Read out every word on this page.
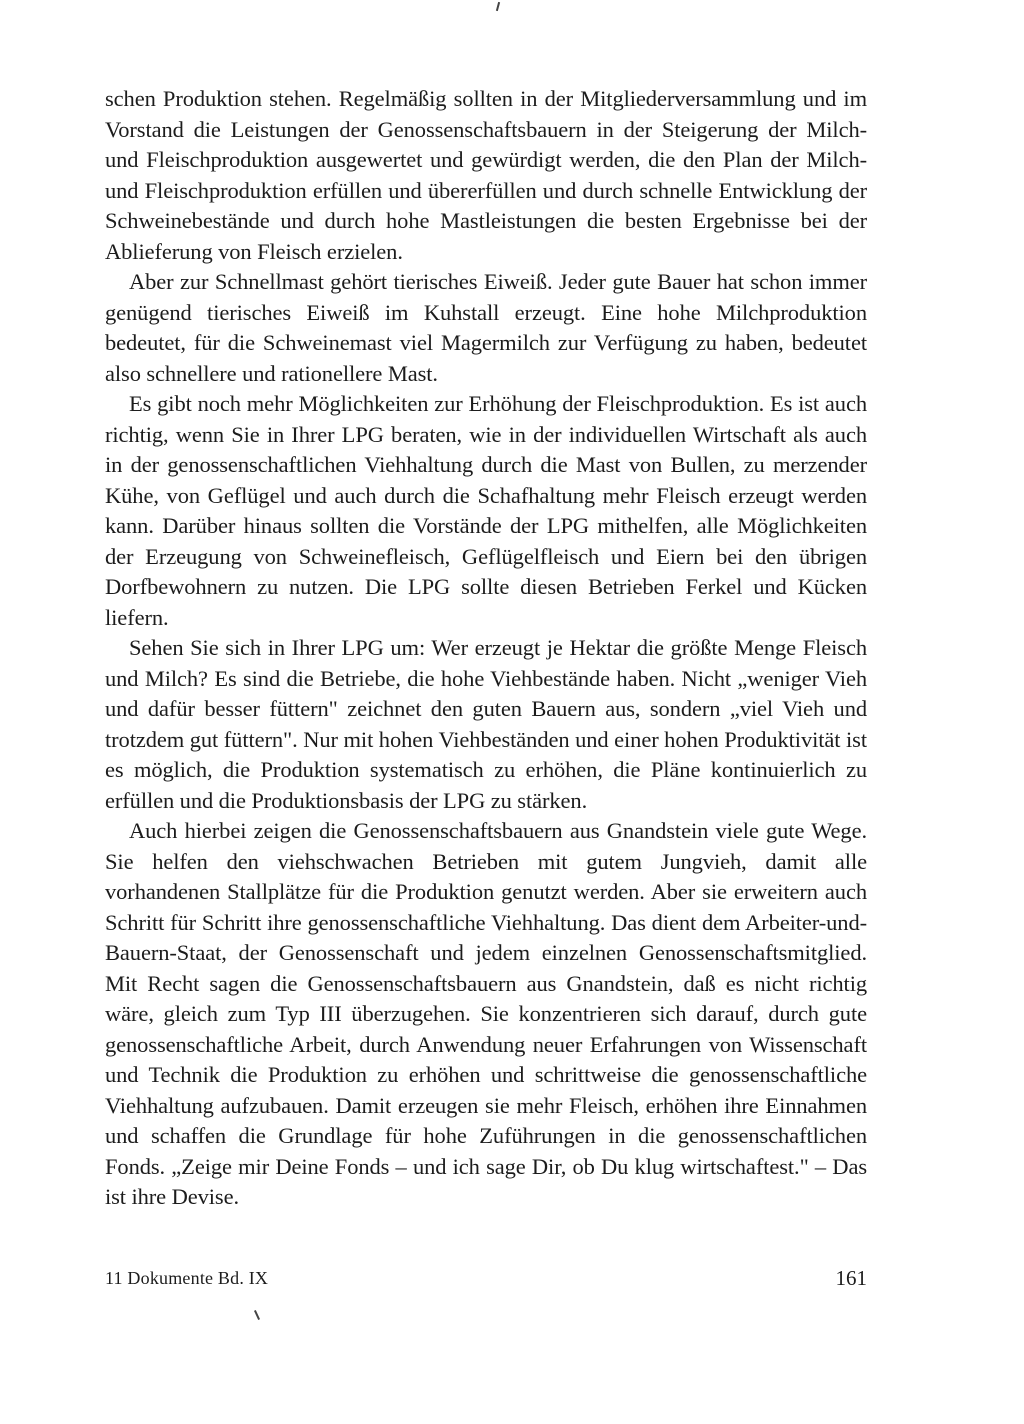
schen Produktion stehen. Regelmäßig sollten in der Mitgliederversammlung und im Vorstand die Leistungen der Genossenschaftsbauern in der Steigerung der Milch- und Fleischproduktion ausgewertet und gewürdigt werden, die den Plan der Milch- und Fleischproduktion erfüllen und übererfüllen und durch schnelle Entwicklung der Schweinebestände und durch hohe Mastleistungen die besten Ergebnisse bei der Ablieferung von Fleisch erzielen.

Aber zur Schnellmast gehört tierisches Eiweiß. Jeder gute Bauer hat schon immer genügend tierisches Eiweiß im Kuhstall erzeugt. Eine hohe Milchproduktion bedeutet, für die Schweinemast viel Magermilch zur Verfügung zu haben, bedeutet also schnellere und rationellere Mast.

Es gibt noch mehr Möglichkeiten zur Erhöhung der Fleischproduktion. Es ist auch richtig, wenn Sie in Ihrer LPG beraten, wie in der individuellen Wirtschaft als auch in der genossenschaftlichen Viehhaltung durch die Mast von Bullen, zu merzender Kühe, von Geflügel und auch durch die Schafhaltung mehr Fleisch erzeugt werden kann. Darüber hinaus sollten die Vorstände der LPG mithelfen, alle Möglichkeiten der Erzeugung von Schweinefleisch, Geflügelfleisch und Eiern bei den übrigen Dorfbewohnern zu nutzen. Die LPG sollte diesen Betrieben Ferkel und Kücken liefern.

Sehen Sie sich in Ihrer LPG um: Wer erzeugt je Hektar die größte Menge Fleisch und Milch? Es sind die Betriebe, die hohe Viehbestände haben. Nicht „weniger Vieh und dafür besser füttern" zeichnet den guten Bauern aus, sondern „viel Vieh und trotzdem gut füttern". Nur mit hohen Viehbeständen und einer hohen Produktivität ist es möglich, die Produktion systematisch zu erhöhen, die Pläne kontinuierlich zu erfüllen und die Produktionsbasis der LPG zu stärken.

Auch hierbei zeigen die Genossenschaftsbauern aus Gnandstein viele gute Wege. Sie helfen den viehschwachen Betrieben mit gutem Jungvieh, damit alle vorhandenen Stallplätze für die Produktion genutzt werden. Aber sie erweitern auch Schritt für Schritt ihre genossenschaftliche Viehhaltung. Das dient dem Arbeiter-und-Bauern-Staat, der Genossenschaft und jedem einzelnen Genossenschaftsmitglied. Mit Recht sagen die Genossenschaftsbauern aus Gnandstein, daß es nicht richtig wäre, gleich zum Typ III überzugehen. Sie konzentrieren sich darauf, durch gute genossenschaftliche Arbeit, durch Anwendung neuer Erfahrungen von Wissenschaft und Technik die Produktion zu erhöhen und schrittweise die genossenschaftliche Viehhaltung aufzubauen. Damit erzeugen sie mehr Fleisch, erhöhen ihre Einnahmen und schaffen die Grundlage für hohe Zuführungen in die genossenschaftlichen Fonds. „Zeige mir Deine Fonds – und ich sage Dir, ob Du klug wirtschaftest." – Das ist ihre Devise.

11 Dokumente Bd. IX	161
